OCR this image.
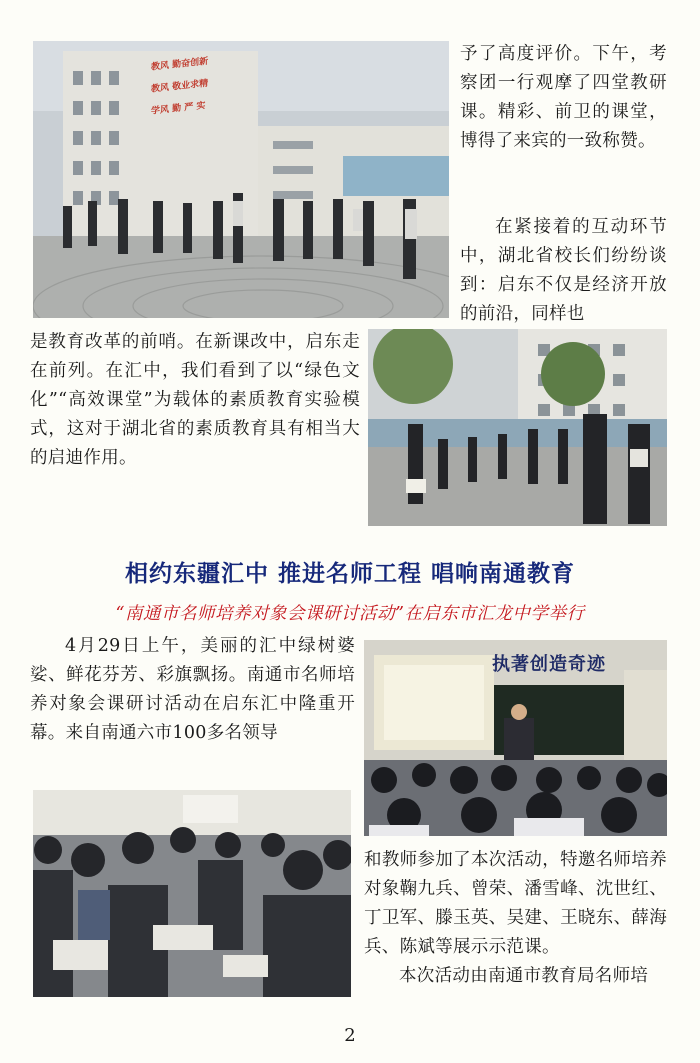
教风 勤奋创新
教风 敬业求精
学风 勤 严 实

予了高度评价。下午，考察团一行观摩了四堂教研课。精彩、前卫的课堂，博得了来宾的一致称赞。

在紧接着的互动环节中，湖北省校长们纷纷谈到：启东不仅是经济开放的前沿，同样也

是教育改革的前哨。在新课改中，启东走在前列。在汇中，我们看到了以“绿色文化”“高效课堂”为载体的素质教育实验模式，这对于湖北省的素质教育具有相当大的启迪作用。

相约东疆汇中 推进名师工程 唱响南通教育

“南通市名师培养对象会课研讨活动”在启东市汇龙中学举行

4月29日上午，美丽的汇中绿树婆娑、鲜花芬芳、彩旗飘扬。南通市名师培养对象会课研讨活动在启东汇中隆重开幕。来自南通六市100多名领导

执著创造奇迹

和教师参加了本次活动，特邀名师培养对象鞠九兵、曾荣、潘雪峰、沈世红、丁卫军、滕玉英、吴建、王晓东、薛海兵、陈斌等展示示范课。

本次活动由南通市教育局名师培

2
